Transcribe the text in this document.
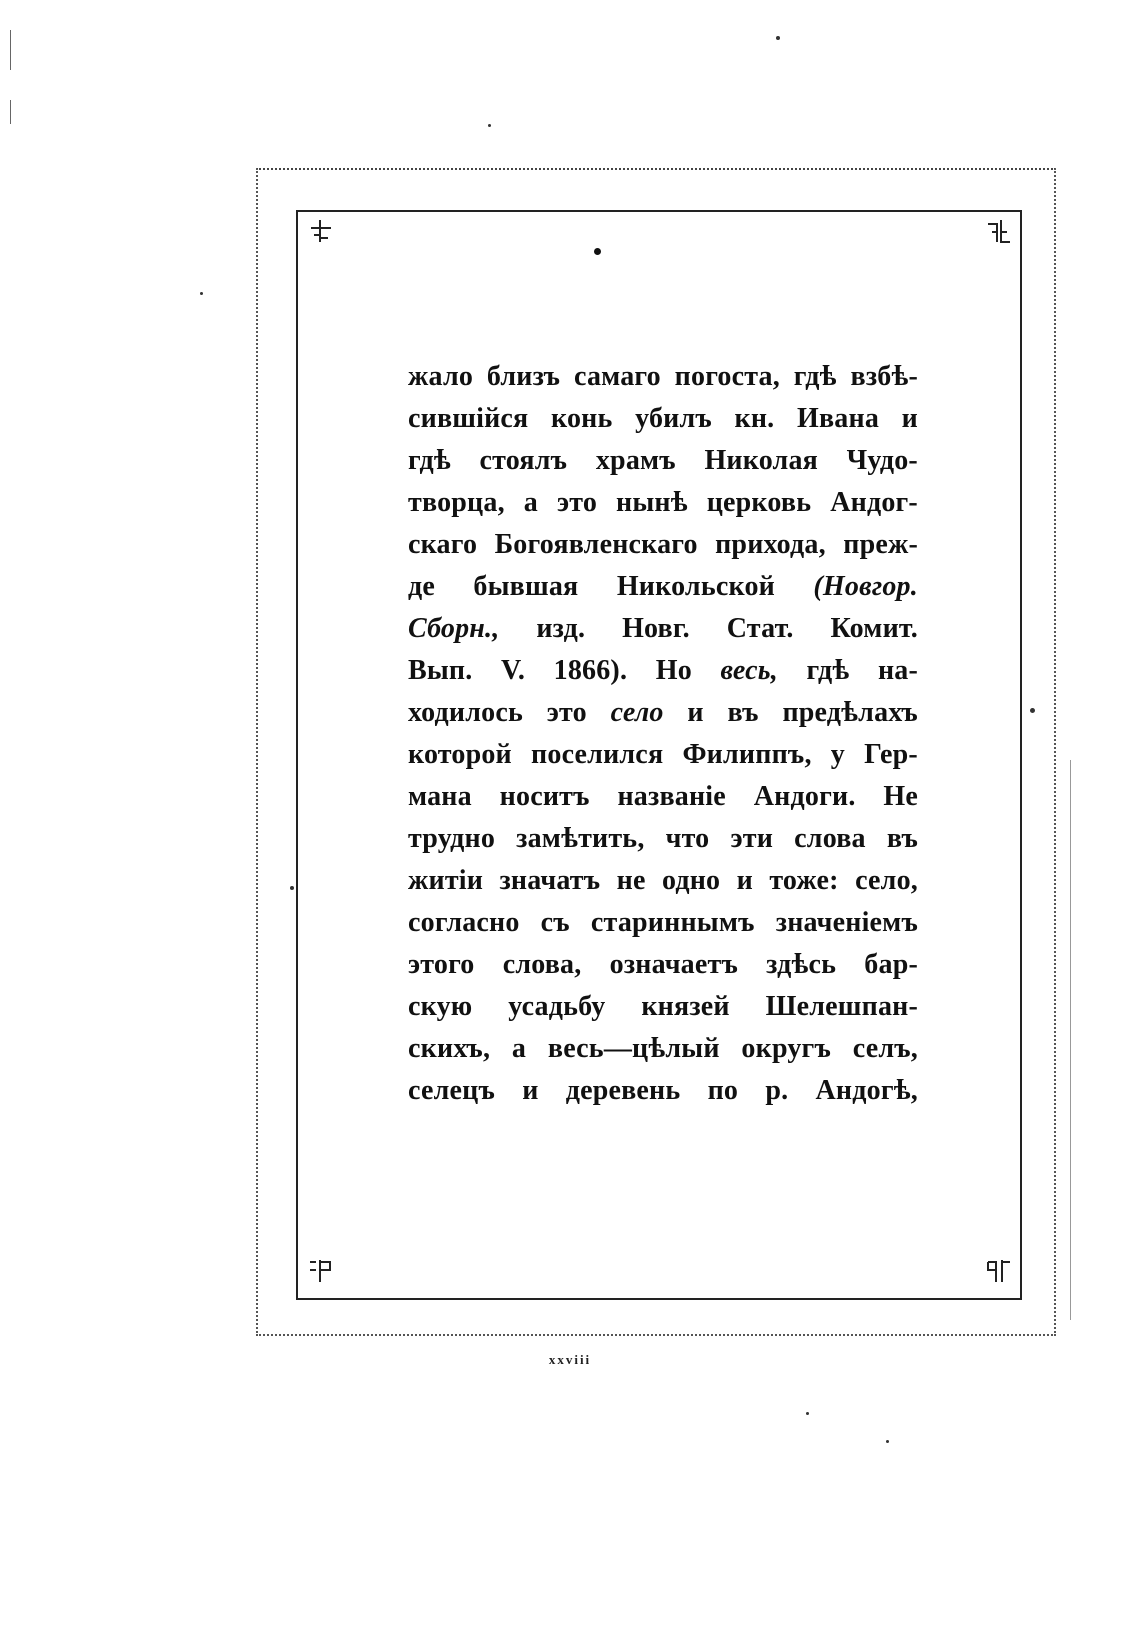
жало близъ самаго погоста, гдѣ взбѣ-
сившійся конь убилъ кн. Ивана и
гдѣ стоялъ храмъ Николая Чудо-
творца, а это нынѣ церковь Андог-
скаго Богоявленскаго прихода, преж-
де бывшая Никольской (Новгор.
Сборн., изд. Новг. Стат. Комит.
Вып. V. 1866). Но весь, гдѣ на-
ходилось это село и въ предѣлахъ
которой поселился Филиппъ, у Гер-
мана носитъ названіе Андоги. Не
трудно замѣтить, что эти слова въ
житіи значатъ не одно и тоже: село,
согласно съ стариннымъ значеніемъ
этого слова, означаетъ здѣсь бар-
скую усадьбу князей Шелешпан-
скихъ, а весь—цѣлый округъ селъ,
селецъ и деревень по р. Андогѣ,
xxviii
